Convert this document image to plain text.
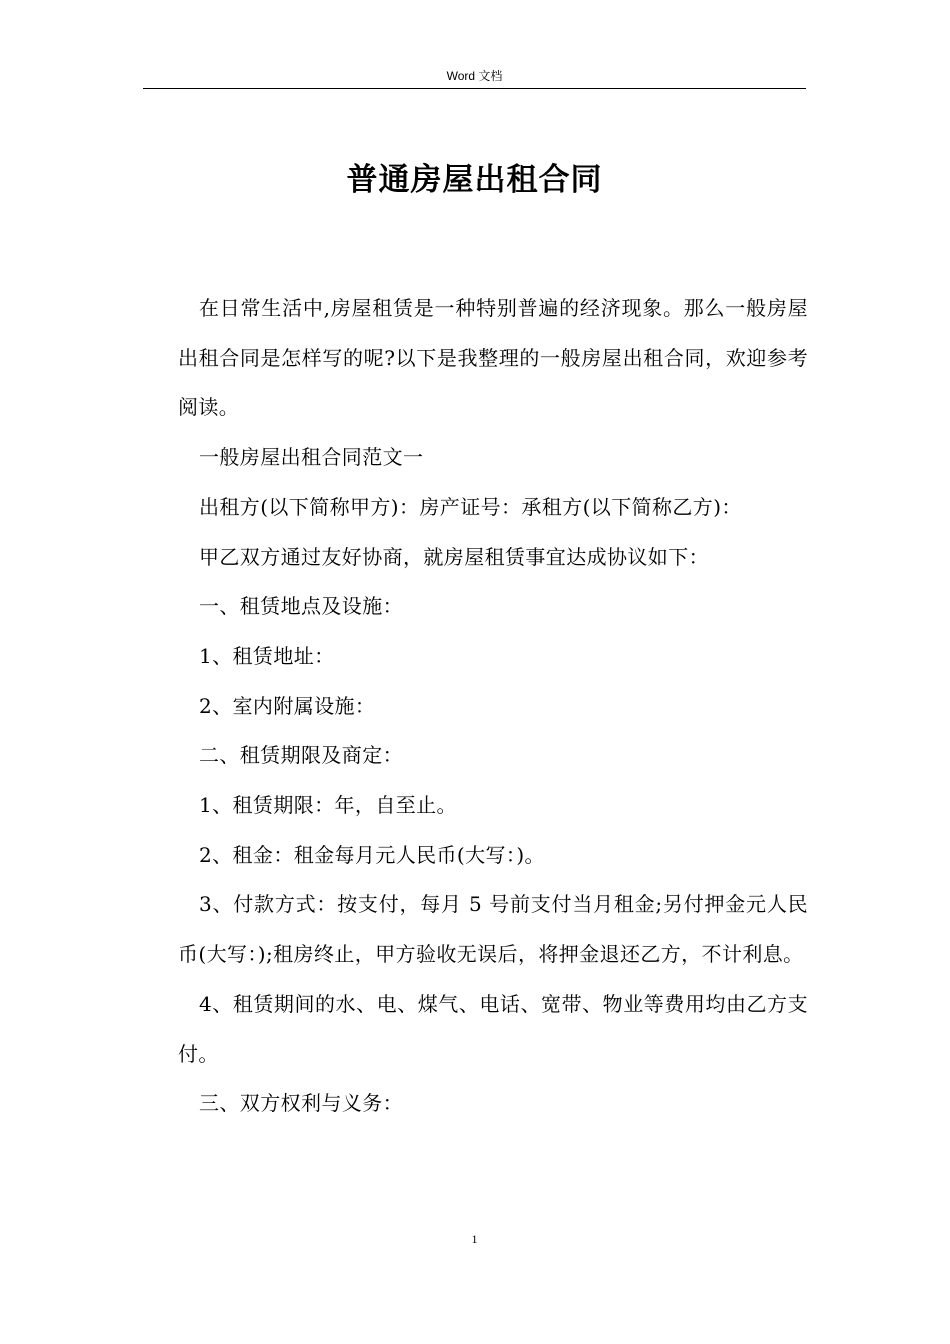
Word 文档
普通房屋出租合同

在日常生活中,房屋租赁是一种特别普遍的经济现象。那么一般房屋出租合同是怎样写的呢?以下是我整理的一般房屋出租合同，欢迎参考阅读。

一般房屋出租合同范文一

出租方(以下简称甲方)：房产证号：承租方(以下简称乙方)：

甲乙双方通过友好协商，就房屋租赁事宜达成协议如下：

一、租赁地点及设施：

1、租赁地址：

2、室内附属设施：

二、租赁期限及商定：

1、租赁期限：年，自至止。

2、租金：租金每月元人民币(大写：)。

3、付款方式：按支付，每月 5 号前支付当月租金;另付押金元人民币(大写：);租房终止，甲方验收无误后，将押金退还乙方，不计利息。

4、租赁期间的水、电、煤气、电话、宽带、物业等费用均由乙方支付。

三、双方权利与义务：

1
